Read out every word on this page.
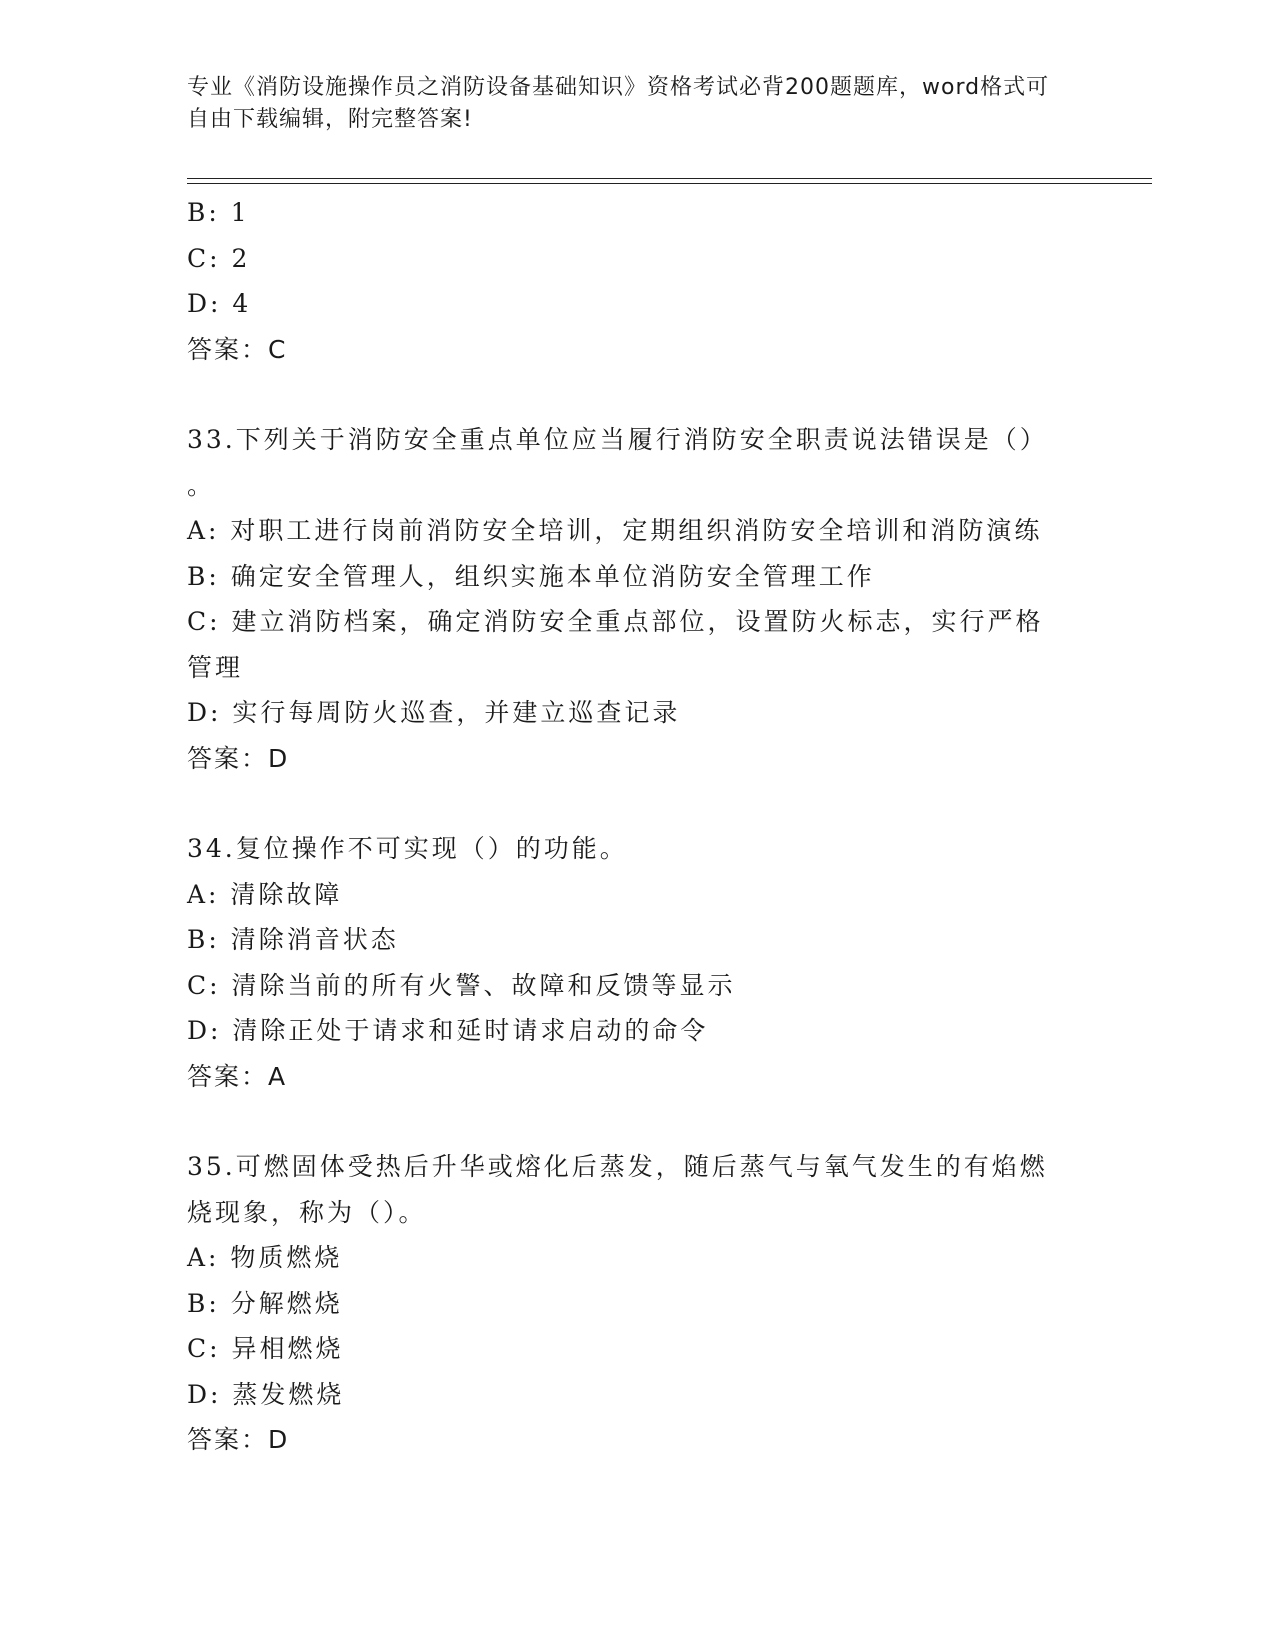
专业《消防设施操作员之消防设备基础知识》资格考试必背200题题库，word格式可自由下载编辑，附完整答案!
B: 1
C: 2
D: 4
答案：C
33.下列关于消防安全重点单位应当履行消防安全职责说法错误是（）
。
A: 对职工进行岗前消防安全培训，定期组织消防安全培训和消防演练
B: 确定安全管理人，组织实施本单位消防安全管理工作
C: 建立消防档案，确定消防安全重点部位，设置防火标志，实行严格
管理
D: 实行每周防火巡查，并建立巡查记录
答案：D
34.复位操作不可实现（）的功能。
A: 清除故障
B: 清除消音状态
C: 清除当前的所有火警、故障和反馈等显示
D: 清除正处于请求和延时请求启动的命令
答案：A
35.可燃固体受热后升华或熔化后蒸发，随后蒸气与氧气发生的有焰燃
烧现象，称为（）。
A: 物质燃烧
B: 分解燃烧
C: 异相燃烧
D: 蒸发燃烧
答案：D
